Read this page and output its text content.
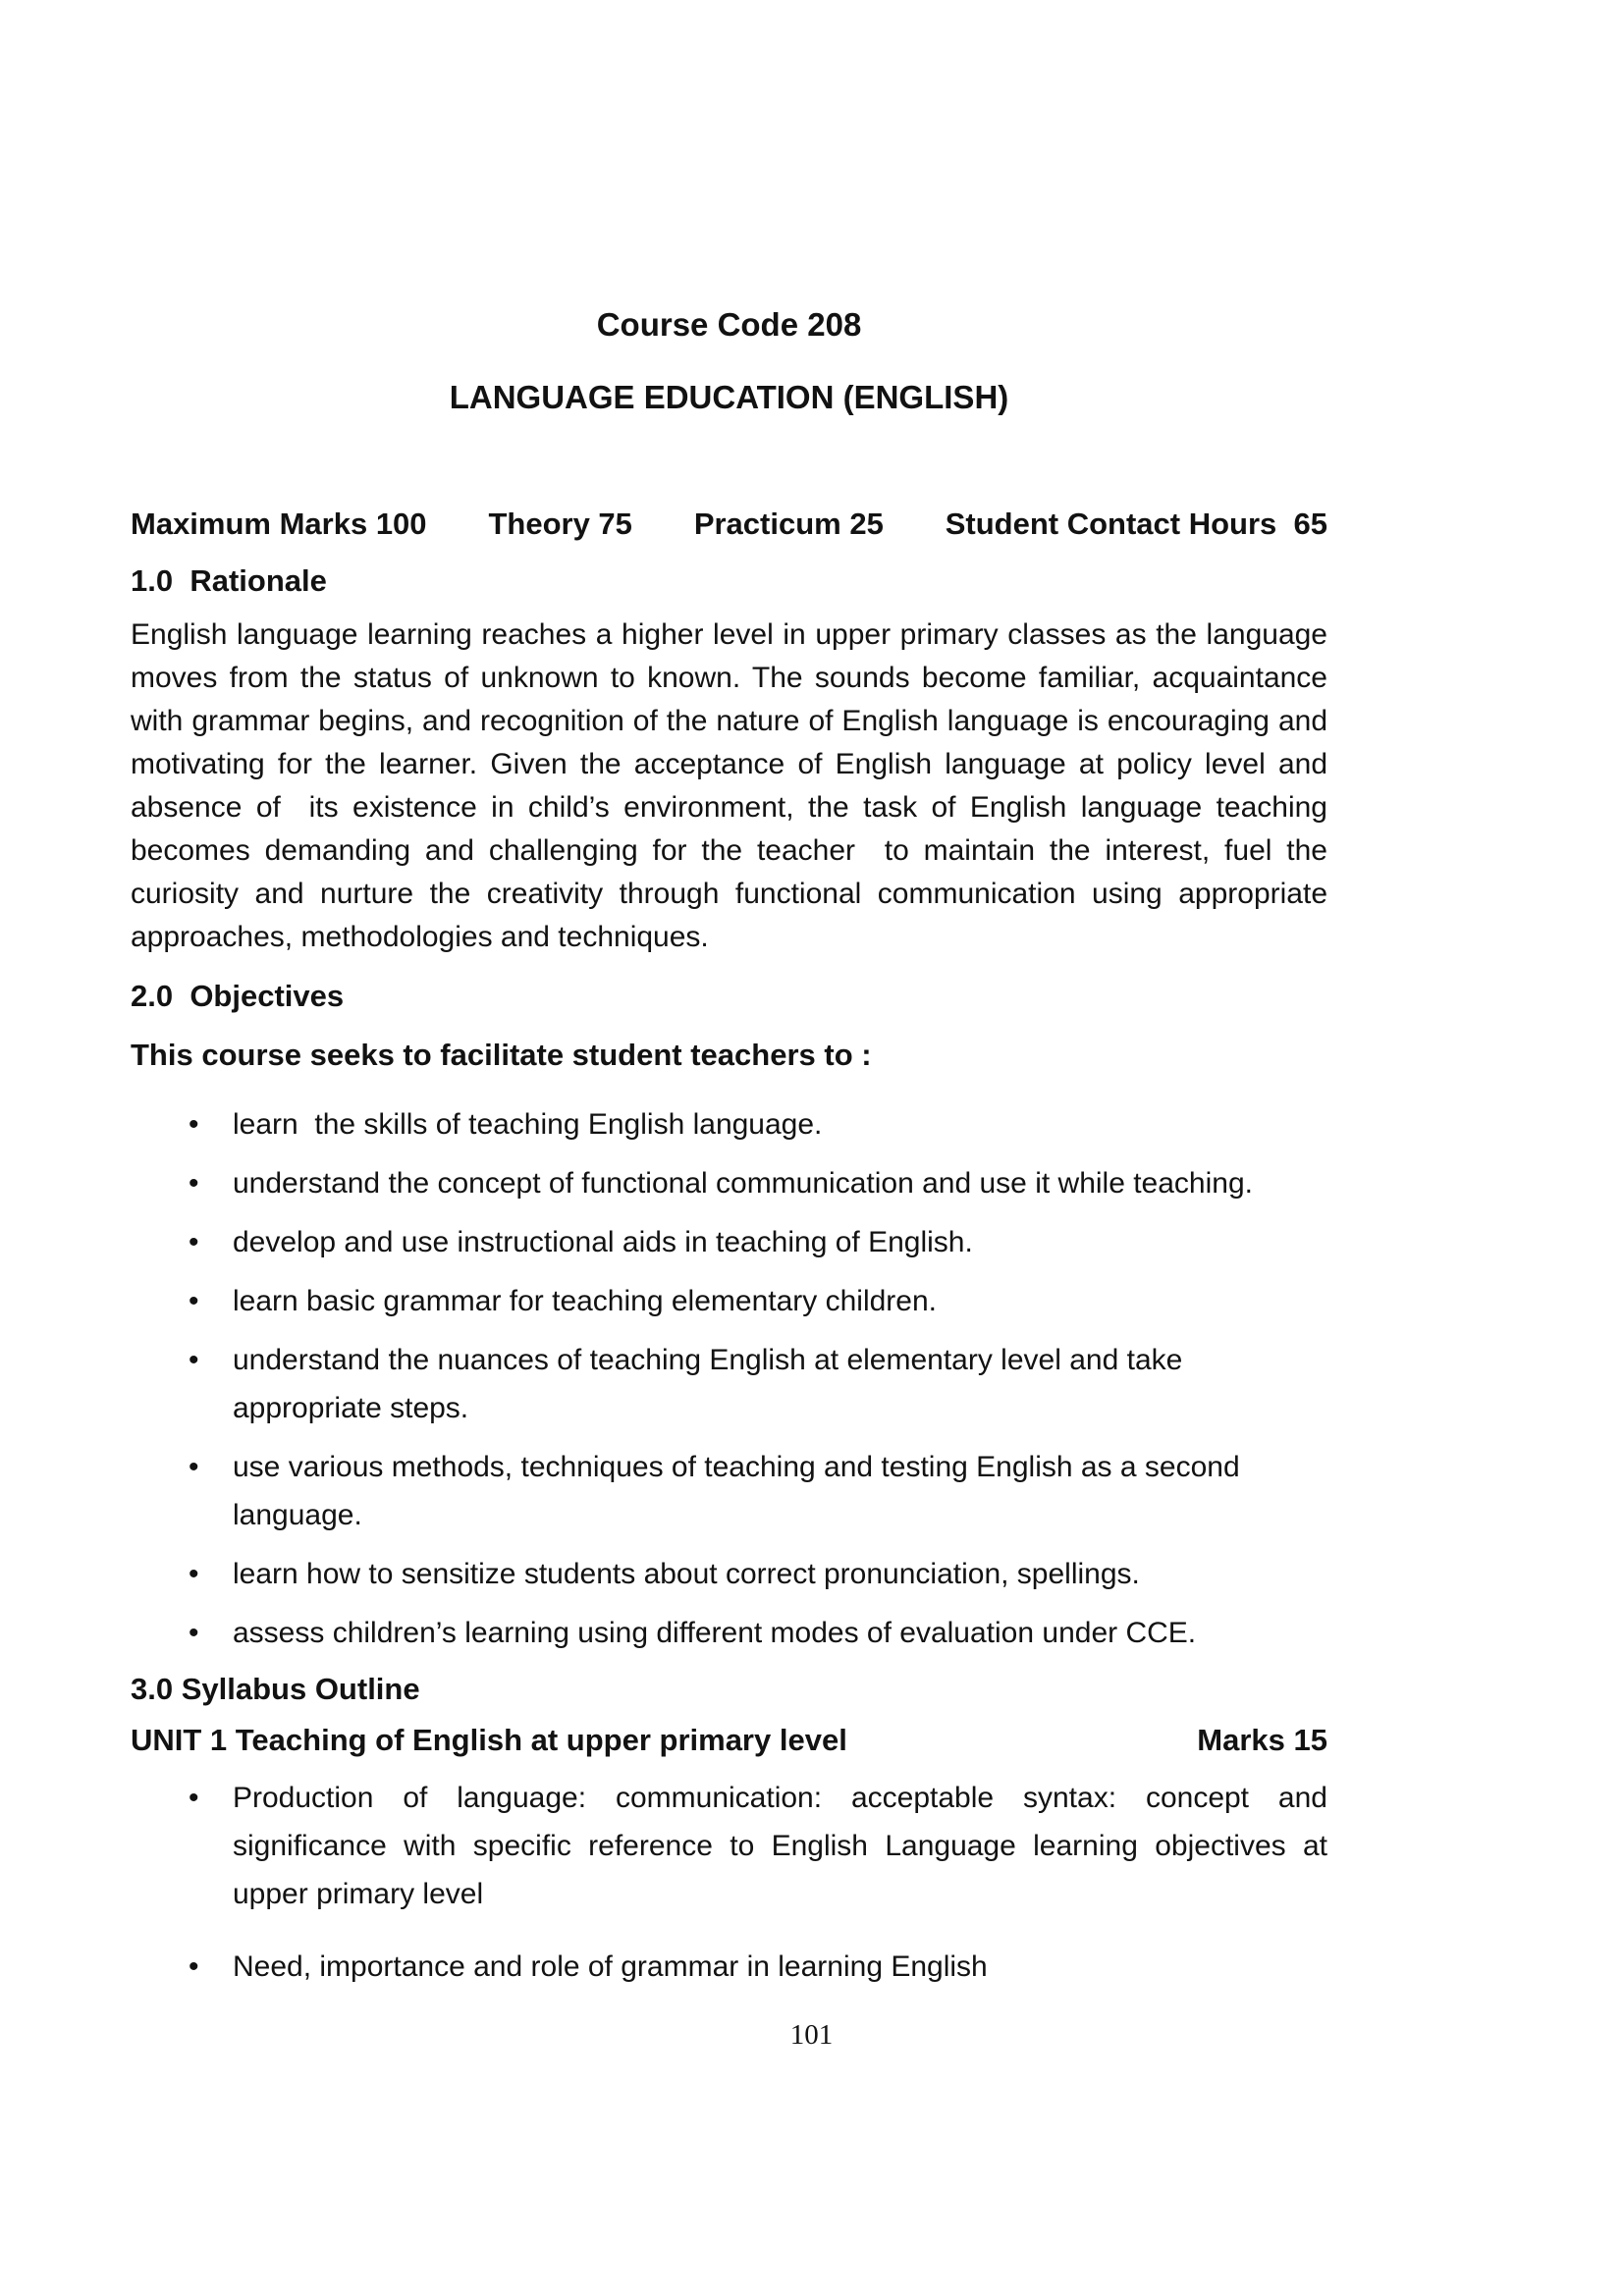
Course Code 208
LANGUAGE EDUCATION (ENGLISH)
Maximum Marks 100 Theory 75 Practicum 25 Student Contact Hours  65
1.0  Rationale
English language learning reaches a higher level in upper primary classes as the language moves from the status of unknown to known. The sounds become familiar, acquaintance with grammar begins, and recognition of the nature of English language is encouraging and motivating for the learner. Given the acceptance of English language at policy level and absence of  its existence in child’s environment, the task of English language teaching becomes demanding and challenging for the teacher  to maintain the interest, fuel the curiosity and nurture the creativity through functional communication using appropriate approaches, methodologies and techniques.
2.0  Objectives
This course seeks to facilitate student teachers to :
•	learn  the skills of teaching English language.
•	understand the concept of functional communication and use it while teaching.
•	develop and use instructional aids in teaching of English.
•	learn basic grammar for teaching elementary children.
•	understand the nuances of teaching English at elementary level and take appropriate steps.
•	use various methods, techniques of teaching and testing English as a second language.
•	learn how to sensitize students about correct pronunciation, spellings.
•	assess children’s learning using different modes of evaluation under CCE.
3.0 Syllabus Outline
UNIT 1 Teaching of English at upper primary level	Marks 15
•	Production of language: communication: acceptable syntax: concept and significance with specific reference to English Language learning objectives at upper primary level
•	Need, importance and role of grammar in learning English
101
